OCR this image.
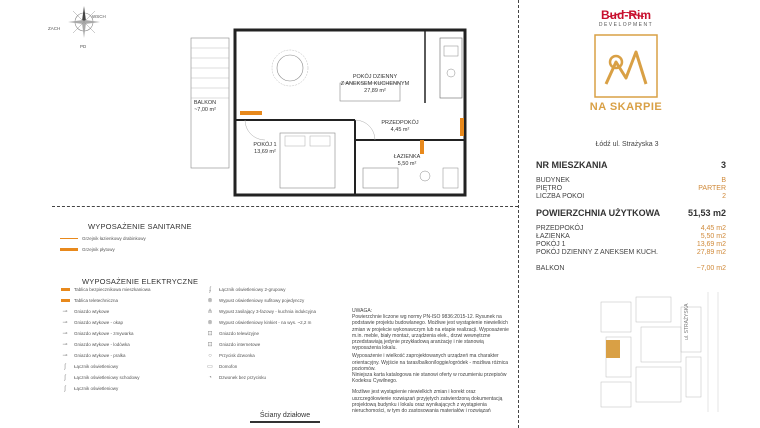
ZACH
WSCH
PD
POKÓJ DZIENNY
Z ANEKSEM KUCHENNYM
27,89 m²
PRZEDPOKÓJ
4,45 m²
POKÓJ 1
13,69 m²
ŁAZIENKA
5,50 m²
BALKON
~7,00 m²
WYPOSAŻENIE SANITARNE
Grzejnik łazienkowy drabinkowy
Grzejnik płytowy
WYPOSAŻENIE ELEKTRYCZNE
Tablica bezpiecznikowa mieszkaniowa
Tablica teletechniczna
⊸	Gniazdo wtykowe
⊸	Gniazdo wtykowe - okap
⊸	Gniazdo wtykowe - zmywarka
⊸	Gniazdo wtykowe - lodówka
⊸	Gniazdo wtykowe - pralka
ʃ	Łącznik oświetleniowy
ʃ	Łącznik oświetleniowy schodowy
ʃ	Łącznik oświetleniowy
ʄ	Łącznik oświetleniowy 2-grupowy
⊗	Wypust oświetleniowy sufitowy pojedynczy
⋔	Wypust zasilający 3-fazowy - kuchnia indukcyjna
⊗	Wypust oświetleniowy kinkiet - na wys. ~2,2 m
⊡	Gniazdo telewizyjne
⊡	Gniazdo internetowe
○	Przycisk dzwonka
▭	Domofon
◔	Dzwonek bez przycisku
Ściany działowe
UWAGA:
Powierzchnie liczone wg normy PN-ISO 9836:2015-12. Rysunek na podstawie projektu budowlanego. Możliwe jest wystąpienie niewielkich zmian w projekcie wykonawczym lub na etapie realizacji. Wyposażenie m.in. meble, biały montaż, urządzenia elek., drzwi wewnętrzne przedstawiają jedynie przykładową aranżację i nie stanowią wyposażenia lokalu.
Wyposażenie i wielkość zaprojektowanych urządzeń ma charakter orientacyjny. Wyjście na taras/balkon/loggie/ogródek - możliwa różnica poziomów.
Niniejsza karta katalogowa nie stanowi oferty w rozumieniu przepisów Kodeksu Cywilnego.
Możliwe jest wystąpienie niewielkich zmian i korekt oraz uszczegółowienie rozwiązań przyjętych zatwierdzoną dokumentacją projektową budynku i lokalu oraz wynikających z wystąpienia nieruchomości, w tym do zastosowania materiałów i rozwiązań
Bud-Rim
DEVELOPMENT
NA SKARPIE
Łódź ul. Strażyska 3
NR MIESZKANIA	3
BUDYNEK	B
PIĘTRO	PARTER
LICZBA POKOI	2
POWIERZCHNIA UŻYTKOWA	51,53 m2
PRZEDPOKÓJ	4,45 m2
ŁAZIENKA	5,50 m2
POKÓJ 1	13,69 m2
POKÓJ DZIENNY Z ANEKSEM KUCH.	27,89 m2
BALKON	~7,00 m2
ul. STRAŻYSKA
